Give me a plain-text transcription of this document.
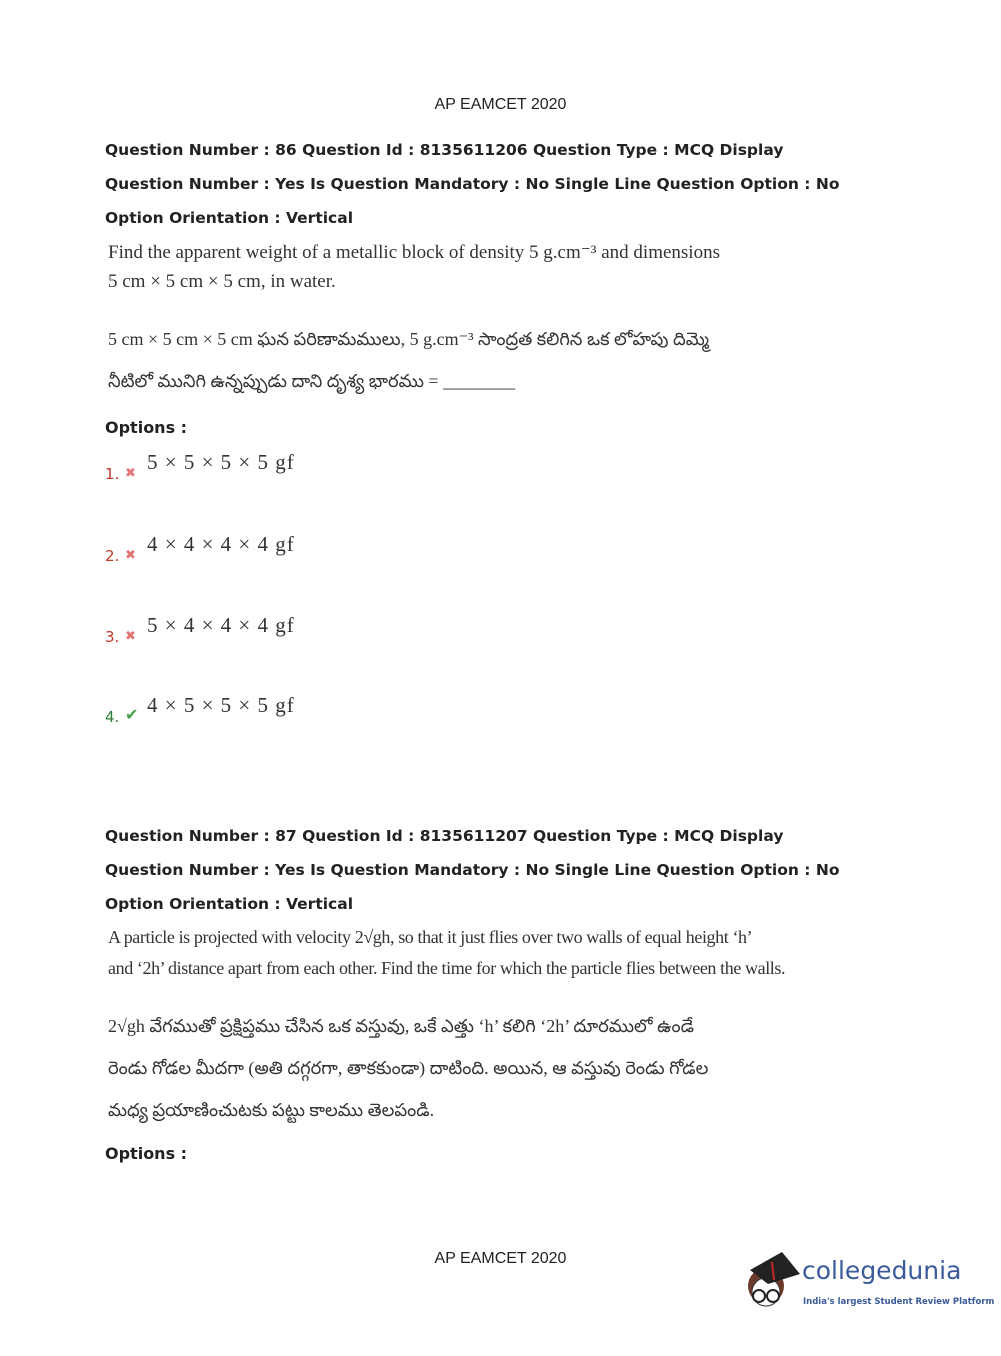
AP EAMCET 2020
Question Number : 86 Question Id : 8135611206 Question Type : MCQ Display Question Number : Yes Is Question Mandatory : No Single Line Question Option : No Option Orientation : Vertical
Find the apparent weight of a metallic block of density 5 g.cm⁻³ and dimensions
5 cm × 5 cm × 5 cm, in water.
5 cm × 5 cm × 5 cm ఘన పరిణామములు, 5 g.cm⁻³ సాంద్రత కలిగిన ఒక లోహపు దిమ్మె నీటిలో మునిగి ఉన్నప్పుడు దాని దృశ్య భారము = ________
Options :
1. ✖ 5 × 5 × 5 × 5 gf
2. ✖ 4 × 4 × 4 × 4 gf
3. ✖ 5 × 4 × 4 × 4 gf
4. ✔ 4 × 5 × 5 × 5 gf
Question Number : 87 Question Id : 8135611207 Question Type : MCQ Display Question Number : Yes Is Question Mandatory : No Single Line Question Option : No Option Orientation : Vertical
A particle is projected with velocity 2√gh, so that it just flies over two walls of equal height ‘h’
and ‘2h’ distance apart from each other. Find the time for which the particle flies between the walls.
2√gh వేగముతో ప్రక్షిప్తము చేసిన ఒక వస్తువు, ఒకే ఎత్తు ‘h’ కలిగి ‘2h’ దూరములో ఉండే రెండు గోడల మీదగా (అతి దగ్గరగా, తాకకుండా) దాటింది. అయిన, ఆ వస్తువు రెండు గోడల మధ్య ప్రయాణించుటకు పట్టు కాలము తెలపండి.
Options :
AP EAMCET 2020	collegedunia
India's largest Student Review Platform
